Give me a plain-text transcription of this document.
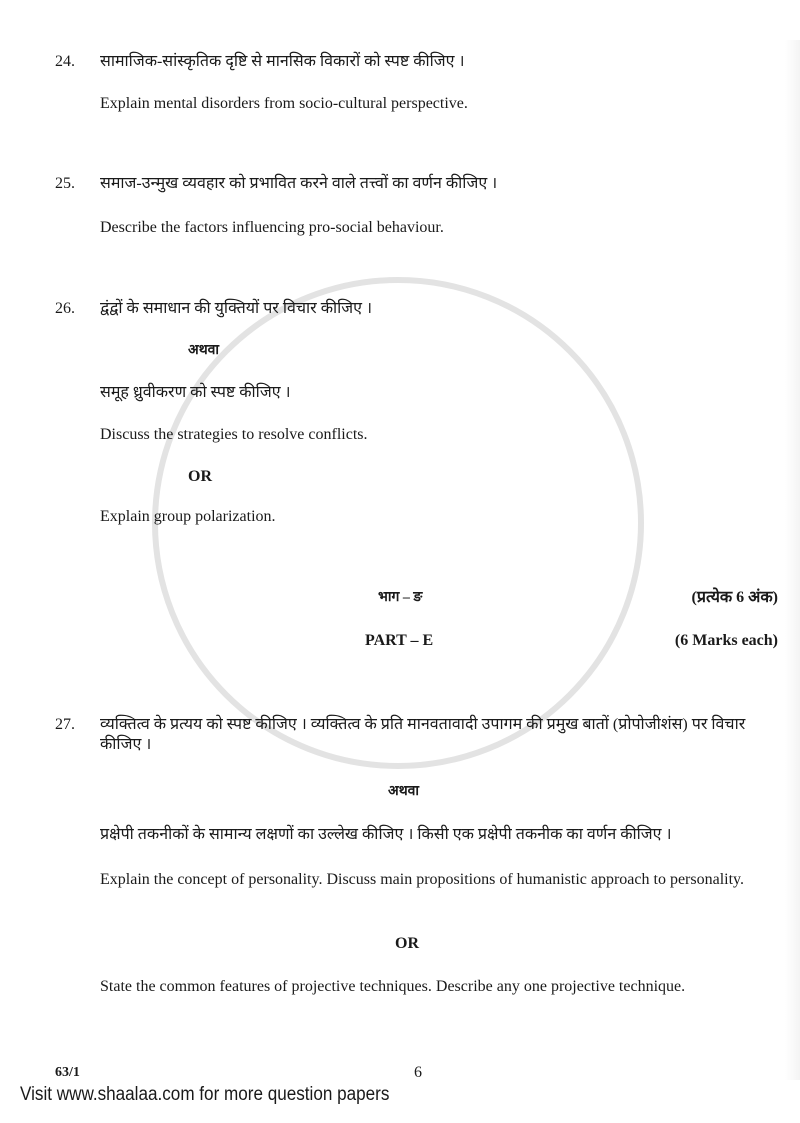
24. सामाजिक-सांस्कृतिक दृष्टि से मानसिक विकारों को स्पष्ट कीजिए ।
Explain mental disorders from socio-cultural perspective.
25. समाज-उन्मुख व्यवहार को प्रभावित करने वाले तत्त्वों का वर्णन कीजिए ।
Describe the factors influencing pro-social behaviour.
26. द्वंद्वों के समाधान की युक्तियों पर विचार कीजिए ।
अथवा
समूह ध्रुवीकरण को स्पष्ट कीजिए ।
Discuss the strategies to resolve conflicts.
OR
Explain group polarization.
भाग – ङ	(प्रत्येक 6 अंक)
PART – E	(6 Marks each)
27. व्यक्तित्व के प्रत्यय को स्पष्ट कीजिए । व्यक्तित्व के प्रति मानवतावादी उपागम की प्रमुख बातों (प्रोपोजीशंस) पर विचार कीजिए ।
अथवा
प्रक्षेपी तकनीकों के सामान्य लक्षणों का उल्लेख कीजिए । किसी एक प्रक्षेपी तकनीक का वर्णन कीजिए ।
Explain the concept of personality. Discuss main propositions of humanistic approach to personality.
OR
State the common features of projective techniques. Describe any one projective technique.
63/1	6
Visit www.shaalaa.com for more question papers
